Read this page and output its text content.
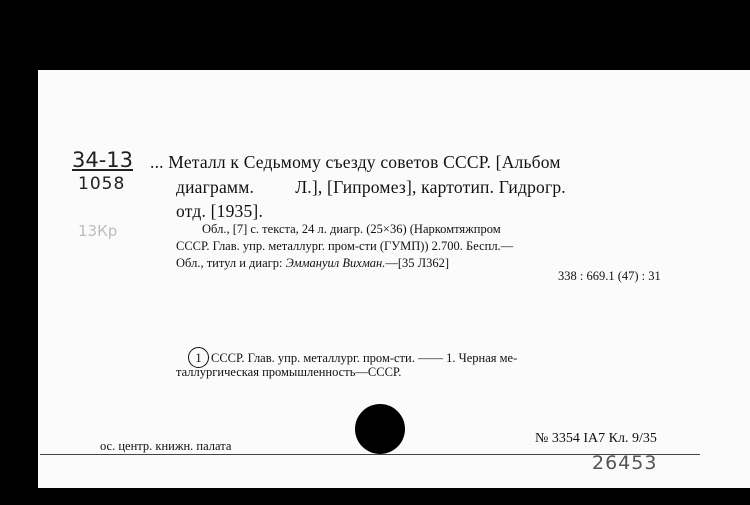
34-13
1058
13Кр
... Металл к Седьмому съезду советов СССР. [Альбом
диаграмм.         Л.], [Гипромез], картотип. Гидрогр.
отд. [1935].
Обл., [7] с. текста, 24 л. диагр. (25×36) (Наркомтяжпром
СССР. Глав. упр. металлург. пром-сти (ГУМП)) 2.700. Беспл.—
Обл., титул и диагр: Эммануил Вихман.—[35 Л362]
338 : 669.1 (47) : 31
1 СССР. Глав. упр. металлург. пром-сти. —— 1. Черная ме-
таллургическая промышленность—СССР.
ос. центр. книжн. палата	№ 3354 IA7 Кл. 9/35
26453
